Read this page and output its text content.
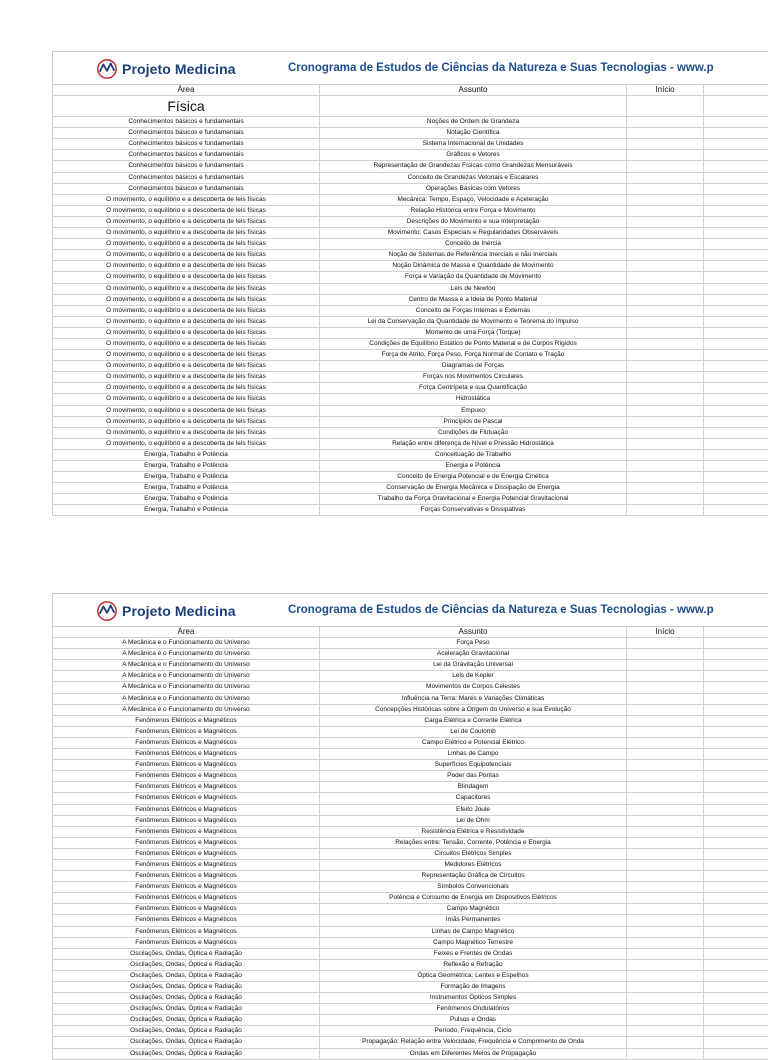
Projeto Medicina	Cronograma de Estudos de Ciências da Natureza e Suas Tecnologias - www.p
Área	Assunto	Início
Física
Conhecimentos básicos e fundamentais	Noções de Ordem de Grandeza
Conhecimentos básicos e fundamentais	Notação Científica
Conhecimentos básicos e fundamentais	Sistema Internacional de Unidades
Conhecimentos básicos e fundamentais	Gráficos e Vetores
Conhecimentos básicos e fundamentais	Representação de Grandezas Físicas como Grandezas Mensuráveis
Conhecimentos básicos e fundamentais	Conceito de Grandezas Vetoriais e Escalares
Conhecimentos básicos e fundamentais	Operações Básicas com Vetores
O movimento, o equilíbrio e a descoberta de leis físicas	Mecânica: Tempo, Espaço, Velocidade e Aceleração
O movimento, o equilíbrio e a descoberta de leis físicas	Relação Histórica entre Força e Movimento
O movimento, o equilíbrio e a descoberta de leis físicas	Descrições do Movimento e sua Interpretação
O movimento, o equilíbrio e a descoberta de leis físicas	Movimento: Casos Especiais e Regularidades Observáveis
O movimento, o equilíbrio e a descoberta de leis físicas	Conceito de Inércia
O movimento, o equilíbrio e a descoberta de leis físicas	Noção de Sistemas de Referência Inerciais e não Inerciais
O movimento, o equilíbrio e a descoberta de leis físicas	Noção Dinâmica de Massa e Quantidade de Movimento
O movimento, o equilíbrio e a descoberta de leis físicas	Força e Variação da Quantidade de Movimento
O movimento, o equilíbrio e a descoberta de leis físicas	Leis de Newton
O movimento, o equilíbrio e a descoberta de leis físicas	Centro de Massa e a Ideia de Ponto Material
O movimento, o equilíbrio e a descoberta de leis físicas	Conceito de Forças Internas e Externas
O movimento, o equilíbrio e a descoberta de leis físicas	Lei da Conservação da Quantidade de Movimento e Teorema do Impulso
O movimento, o equilíbrio e a descoberta de leis físicas	Momento de uma Força (Torque)
O movimento, o equilíbrio e a descoberta de leis físicas	Condições de Equilíbrio Estático de Ponto Material e de Corpos Rígidos
O movimento, o equilíbrio e a descoberta de leis físicas	Força de Atrito, Força Peso, Força Normal de Contato e Tração
O movimento, o equilíbrio e a descoberta de leis físicas	Diagramas de Forças
O movimento, o equilíbrio e a descoberta de leis físicas	Forças nos Movimentos Circulares
O movimento, o equilíbrio e a descoberta de leis físicas	Força Centrípeta e sua Quantificação
O movimento, o equilíbrio e a descoberta de leis físicas	Hidrostática
O movimento, o equilíbrio e a descoberta de leis físicas	Empuxo
O movimento, o equilíbrio e a descoberta de leis físicas	Princípios de Pascal
O movimento, o equilíbrio e a descoberta de leis físicas	Condições de Flutuação
O movimento, o equilíbrio e a descoberta de leis físicas	Relação entre diferença de Nível e Pressão Hidrostática
Energia, Trabalho e Potência	Conceituação de Trabalho
Energia, Trabalho e Potência	Energia e Potência
Energia, Trabalho e Potência	Conceito de Energia Potencial e de Energia Cinética
Energia, Trabalho e Potência	Conservação de Energia Mecânica e Dissipação de Energia
Energia, Trabalho e Potência	Trabalho da Força Gravitacional e Energia Potencial Gravitacional
Energia, Trabalho e Potência	Forças Conservativas e Dissipativas
Projeto Medicina	Cronograma de Estudos de Ciências da Natureza e Suas Tecnologias - www.p
Área	Assunto	Início
A Mecânica e o Funcionamento do Universo	Força Peso
A Mecânica e o Funcionamento do Universo	Aceleração Gravitacional
A Mecânica e o Funcionamento do Universo	Lei da Gravitação Universal
A Mecânica e o Funcionamento do Universo	Leis de Kepler
A Mecânica e o Funcionamento do Universo	Movimentos de Corpos Celestes
A Mecânica e o Funcionamento do Universo	Influência na Terra: Marés e Variações Climáticas
A Mecânica e o Funcionamento do Universo	Concepções Históricas sobre a Origem do Universo e sua Evolução
Fenômenos Elétricos e Magnéticos	Carga Elétrica e Corrente Elétrica
Fenômenos Elétricos e Magnéticos	Lei de Coulomb
Fenômenos Elétricos e Magnéticos	Campo Elétrico e Potencial Elétrico
Fenômenos Elétricos e Magnéticos	Linhas de Campo
Fenômenos Elétricos e Magnéticos	Superfícies Equipotenciais
Fenômenos Elétricos e Magnéticos	Poder das Pontas
Fenômenos Elétricos e Magnéticos	Blindagem
Fenômenos Elétricos e Magnéticos	Capacitores
Fenômenos Elétricos e Magnéticos	Efeito Joule
Fenômenos Elétricos e Magnéticos	Lei de Ohm
Fenômenos Elétricos e Magnéticos	Resistência Elétrica e Resistividade
Fenômenos Elétricos e Magnéticos	Relações entre: Tensão, Corrente, Potência e Energia
Fenômenos Elétricos e Magnéticos	Circuitos Elétricos Simples
Fenômenos Elétricos e Magnéticos	Medidores Elétricos
Fenômenos Elétricos e Magnéticos	Representação Gráfica de Circuitos
Fenômenos Elétricos e Magnéticos	Símbolos Convencionais
Fenômenos Elétricos e Magnéticos	Potência e Consumo de Energia em Dispositivos Elétricos
Fenômenos Elétricos e Magnéticos	Campo Magnético
Fenômenos Elétricos e Magnéticos	Imãs Permanentes
Fenômenos Elétricos e Magnéticos	Linhas de Campo Magnético
Fenômenos Elétricos e Magnéticos	Campo Magnético Terrestre
Oscilações, Ondas, Óptica e Radiação	Feixes e Frentes de Ondas
Oscilações, Ondas, Óptica e Radiação	Reflexão e Refração
Oscilações, Ondas, Óptica e Radiação	Óptica Geométrica: Lentes e Espelhos
Oscilações, Ondas, Óptica e Radiação	Formação de Imagens
Oscilações, Ondas, Óptica e Radiação	Instrumentos Ópticos Simples
Oscilações, Ondas, Óptica e Radiação	Fenômenos Ondulatórios
Oscilações, Ondas, Óptica e Radiação	Pulsos e Ondas
Oscilações, Ondas, Óptica e Radiação	Período, Frequência, Ciclo
Oscilações, Ondas, Óptica e Radiação	Propagação: Relação entre Velocidade, Frequência e Comprimento de Onda
Oscilações, Ondas, Óptica e Radiação	Ondas em Diferentes Meios de Propagação
